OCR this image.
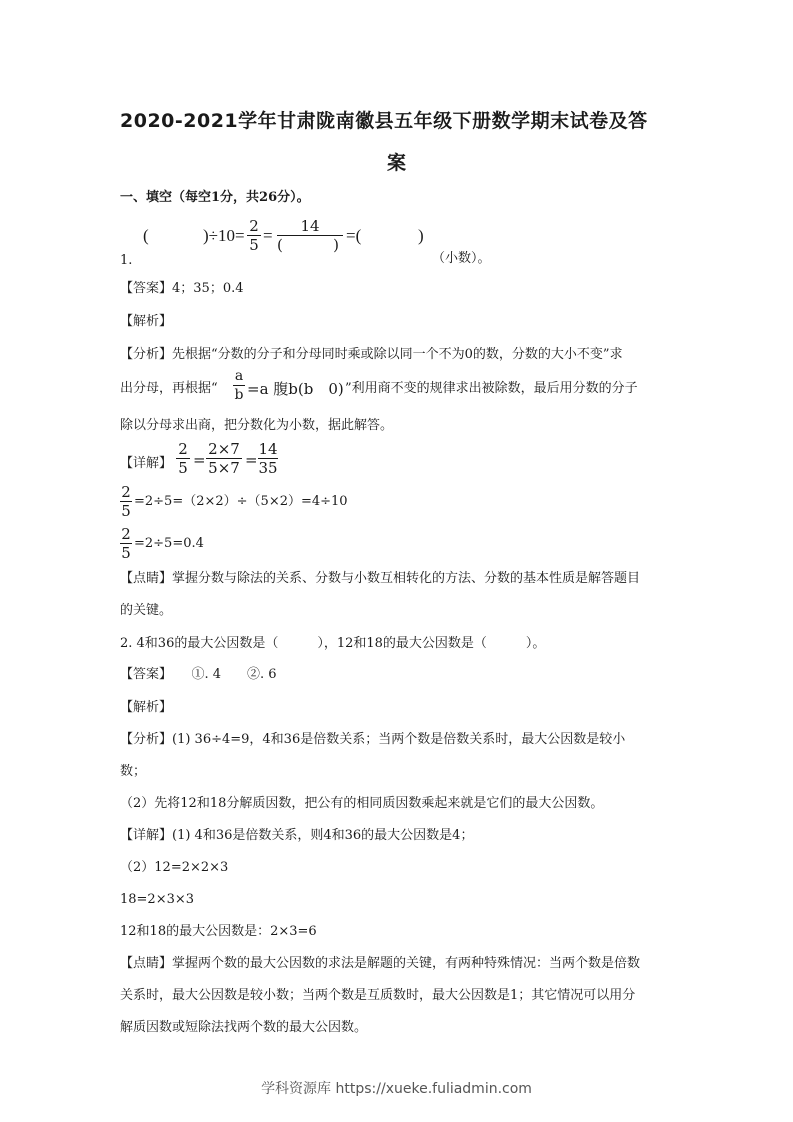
2020-2021学年甘肃陇南徽县五年级下册数学期末试卷及答
案
一、填空（每空1分，共26分）。
(	)÷10= 2
5 =	14
(	) =(	)
1.	（小数）。
【答案】4；35；0.4
【解析】
【分析】先根据“分数的分子和分母同时乘或除以同一个不为0的数，分数的大小不变”求
出分母，再根据“
a
b =a 腹b(b　0) ”利用商不变的规律求出被除数，最后用分数的分子
除以分母求出商，把分数化为小数，据此解答。
【详解】
2
5 =
2×7
5×7 =
14
35
2
5
=2÷5=（2×2）÷（5×2）=4÷10
2
5
=2÷5=0.4
【点睛】掌握分数与除法的关系、分数与小数互相转化的方法、分数的基本性质是解答题目
的关键。
2. 4和36的最大公因数是（　　　），12和18的最大公因数是（　　　）。
【答案】　　①. 4　　②. 6
【解析】
【分析】(1) 36÷4=9，4和36是倍数关系；当两个数是倍数关系时，最大公因数是较小
数；
（2）先将12和18分解质因数，把公有的相同质因数乘起来就是它们的最大公因数。
【详解】(1) 4和36是倍数关系，则4和36的最大公因数是4；
（2）12=2×2×3
18=2×3×3
12和18的最大公因数是：2×3=6
【点睛】掌握两个数的最大公因数的求法是解题的关键，有两种特殊情况：当两个数是倍数
关系时，最大公因数是较小数；当两个数是互质数时，最大公因数是1；其它情况可以用分
解质因数或短除法找两个数的最大公因数。
学科资源库 https://xueke.fuliadmin.com
